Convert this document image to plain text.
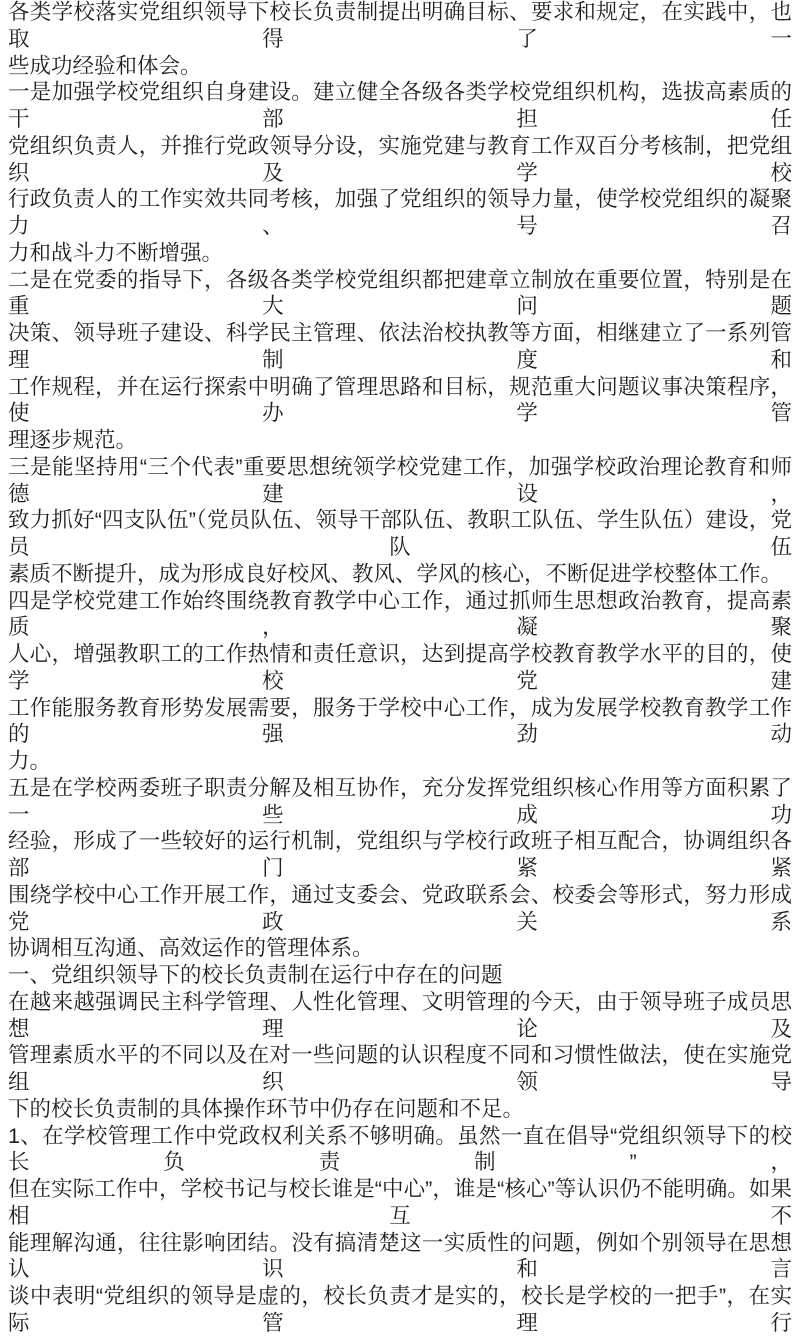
各类学校落实党组织领导下校长负责制提出明确目标、要求和规定，在实践中，也取得了一
些成功经验和体会。
一是加强学校党组织自身建设。建立健全各级各类学校党组织机构，选拔高素质的干部担任
党组织负责人，并推行党政领导分设，实施党建与教育工作双百分考核制，把党组织及学校
行政负责人的工作实效共同考核，加强了党组织的领导力量，使学校党组织的凝聚力、号召
力和战斗力不断增强。
二是在党委的指导下，各级各类学校党组织都把建章立制放在重要位置，特别是在重大问题
决策、领导班子建设、科学民主管理、依法治校执教等方面，相继建立了一系列管理制度和
工作规程，并在运行探索中明确了管理思路和目标，规范重大问题议事决策程序，使办学管
理逐步规范。
三是能坚持用“三个代表”重要思想统领学校党建工作，加强学校政治理论教育和师德建设，
致力抓好“四支队伍”（党员队伍、领导干部队伍、教职工队伍、学生队伍）建设，党员队伍
素质不断提升，成为形成良好校风、教风、学风的核心，不断促进学校整体工作。
四是学校党建工作始终围绕教育教学中心工作，通过抓师生思想政治教育，提高素质，凝聚
人心，增强教职工的工作热情和责任意识，达到提高学校教育教学水平的目的，使学校党建
工作能服务教育形势发展需要，服务于学校中心工作，成为发展学校教育教学工作的强劲动
力。
五是在学校两委班子职责分解及相互协作，充分发挥党组织核心作用等方面积累了一些成功
经验，形成了一些较好的运行机制，党组织与学校行政班子相互配合，协调组织各部门紧紧
围绕学校中心工作开展工作，通过支委会、党政联系会、校委会等形式，努力形成党政关系
协调相互沟通、高效运作的管理体系。
一、党组织领导下的校长负责制在运行中存在的问题
在越来越强调民主科学管理、人性化管理、文明管理的今天，由于领导班子成员思想理论及
管理素质水平的不同以及在对一些问题的认识程度不同和习惯性做法，使在实施党组织领导
下的校长负责制的具体操作环节中仍存在问题和不足。
1、在学校管理工作中党政权利关系不够明确。虽然一直在倡导“党组织领导下的校长负责制”，
但在实际工作中，学校书记与校长谁是“中心”，谁是“核心”等认识仍不能明确。如果相互不
能理解沟通，往往影响团结。没有搞清楚这一实质性的问题，例如个别领导在思想认识和言
谈中表明“党组织的领导是虚的，校长负责才是实的，校长是学校的一把手”，在实际管理行
